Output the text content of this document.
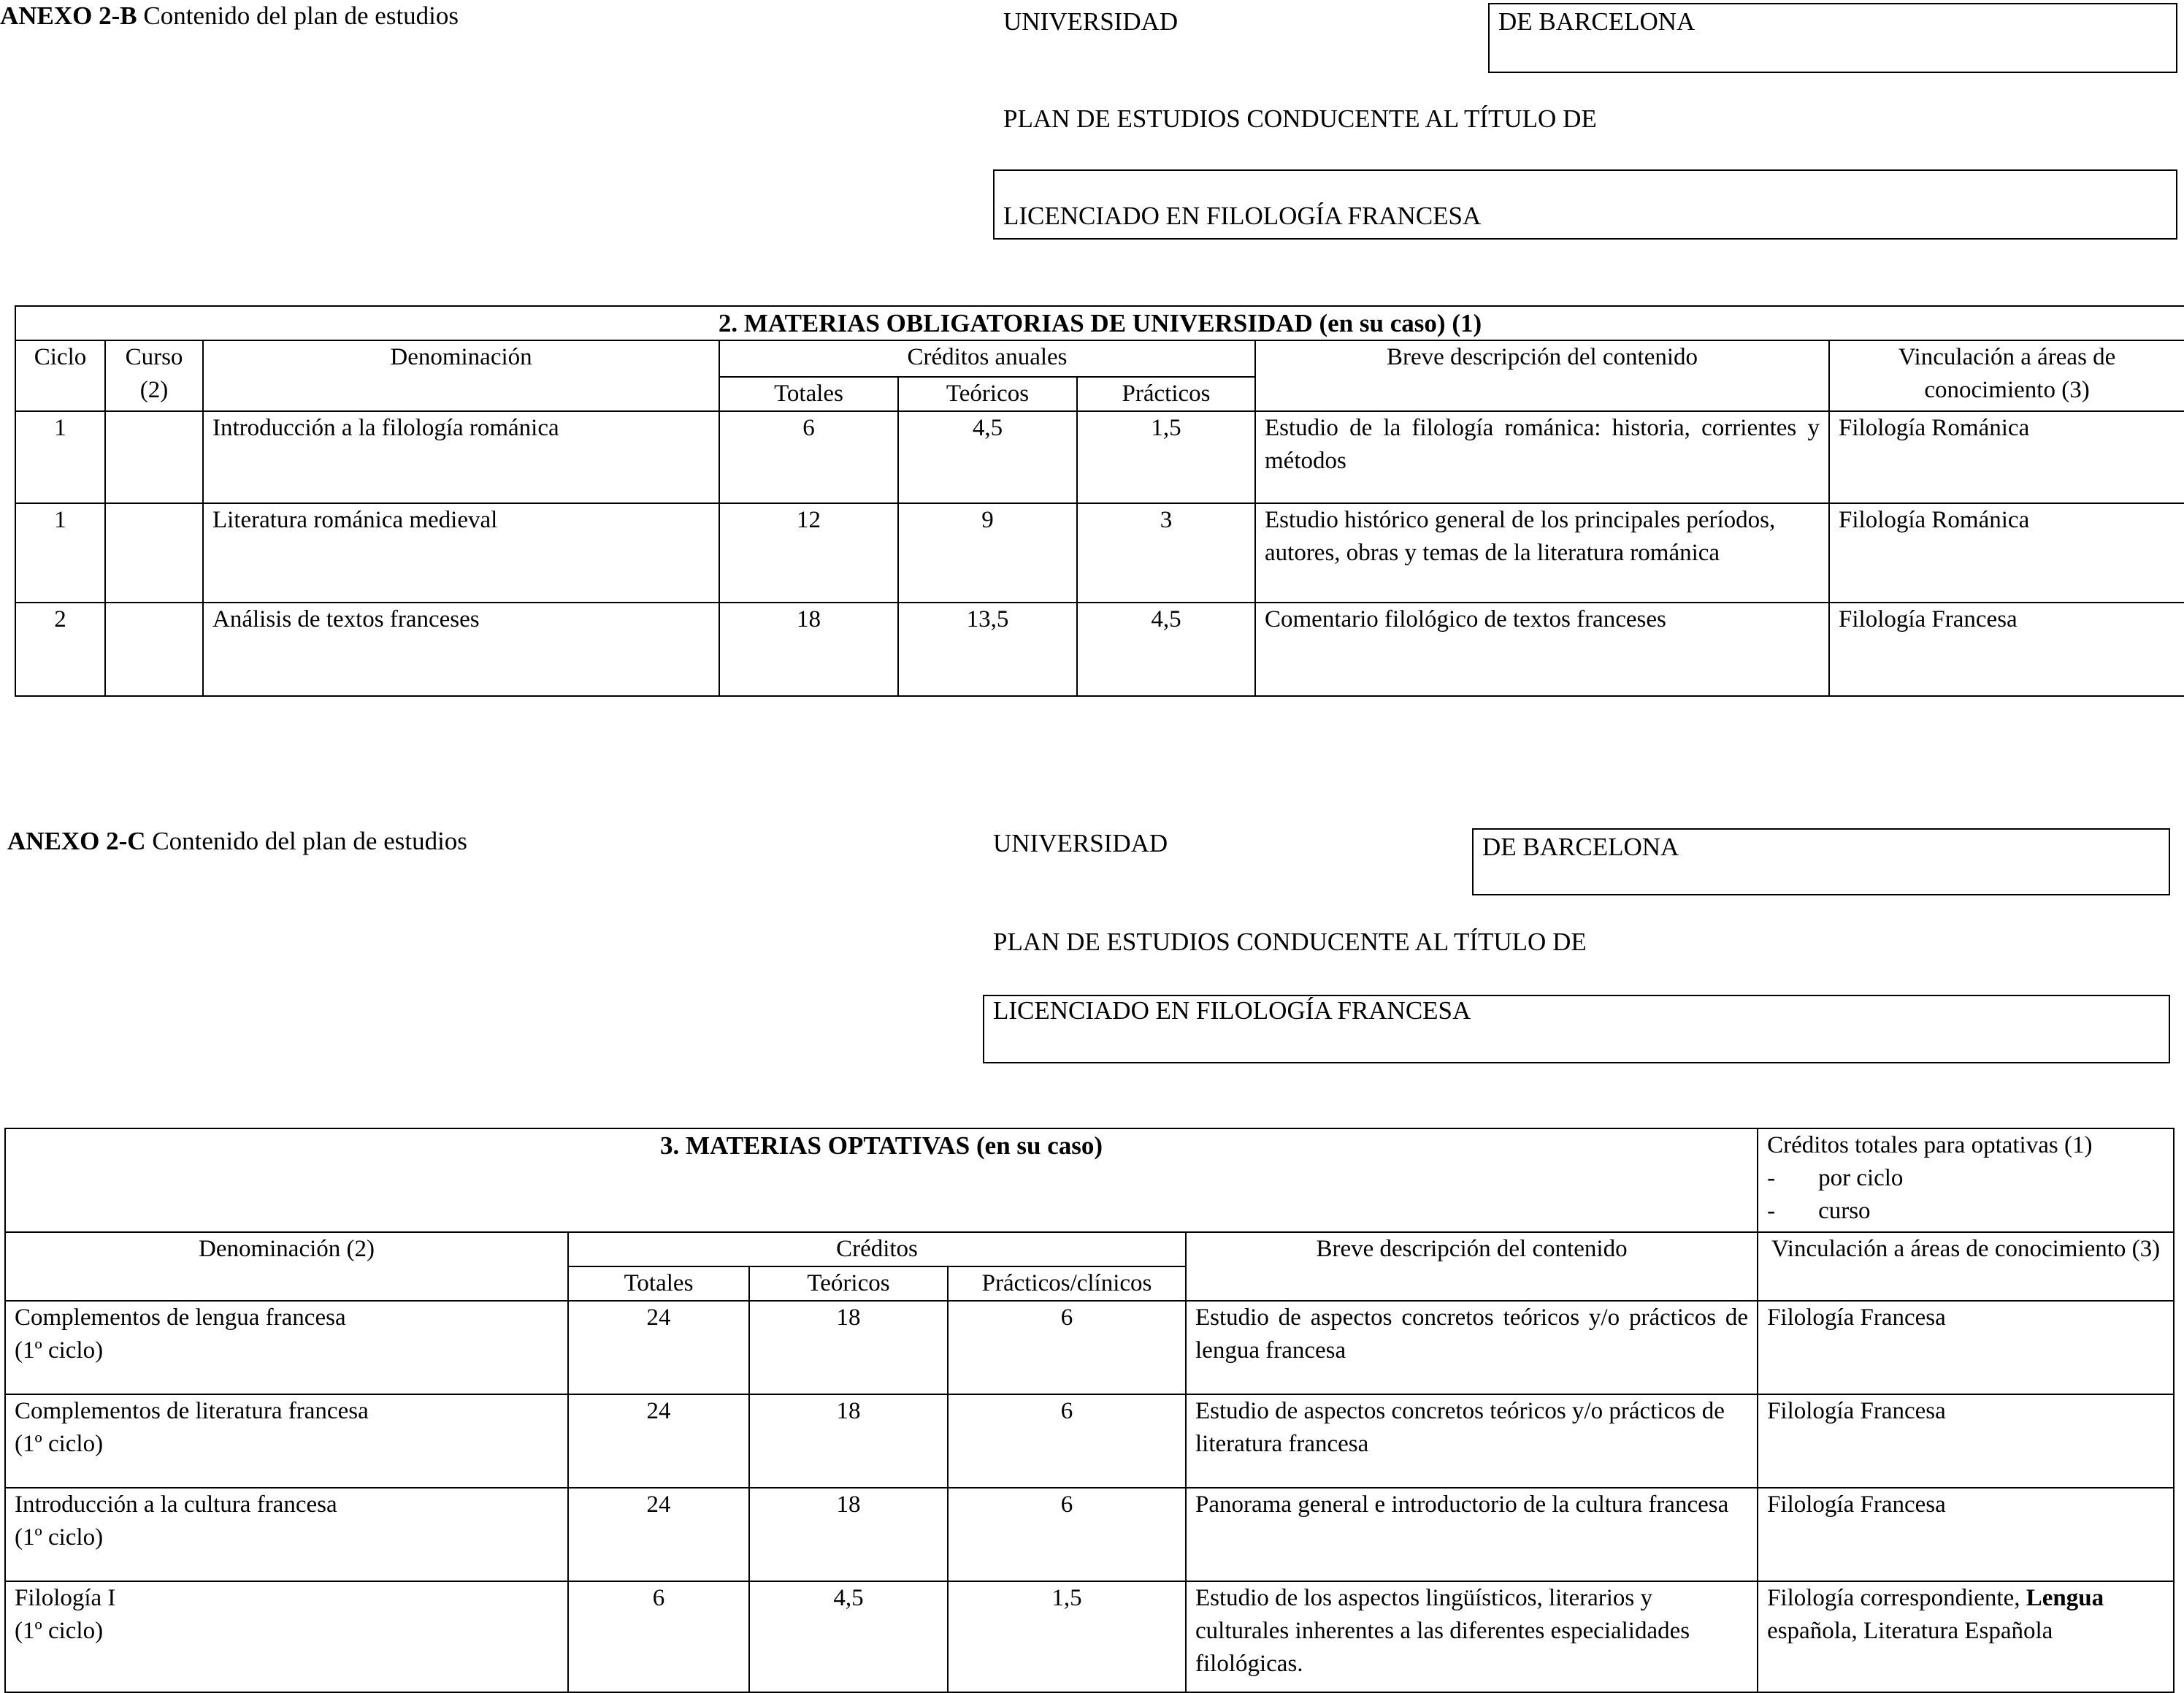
ANEXO 2-B Contenido del plan de estudios	UNIVERSIDAD	DE BARCELONA
PLAN DE ESTUDIOS CONDUCENTE AL TÍTULO DE
LICENCIADO EN FILOLOGÍA FRANCESA
2. MATERIAS OBLIGATORIAS DE UNIVERSIDAD (en su caso) (1)							
Ciclo	Curso (2)	Denominación	Créditos anuales			Breve descripción del contenido	Vinculación a áreas de conocimiento (3)
			Totales	Teóricos	Prácticos		
1		Introducción a la filología románica	6	4,5	1,5	Estudio de la filología románica: historia, corrientes y métodos	Filología Románica
1		Literatura románica medieval	12	9	3	Estudio histórico general de los principales períodos, autores, obras y temas de la literatura románica	Filología Románica
2		Análisis de textos franceses	18	13,5	4,5	Comentario filológico de textos franceses	Filología Francesa
ANEXO 2-C Contenido del plan de estudios	UNIVERSIDAD	DE BARCELONA
PLAN DE ESTUDIOS CONDUCENTE AL TÍTULO DE
LICENCIADO EN FILOLOGÍA FRANCESA
3. MATERIAS OPTATIVAS (en su caso)					Créditos totales para optativas (1)
- por ciclo
- curso

Denominación (2)	Créditos			Breve descripción del contenido	Vinculación a áreas de conocimiento (3)
	Totales	Teóricos	Prácticos/clínicos		

Complementos de lengua francesa
(1º ciclo)	24	18	6	Estudio de aspectos concretos teóricos y/o prácticos de lengua francesa	Filología Francesa

Complementos de literatura francesa
(1º ciclo)	24	18	6	Estudio de aspectos concretos teóricos y/o prácticos de literatura francesa	Filología Francesa

Introducción a la cultura francesa
(1º ciclo)	24	18	6	Panorama general e introductorio de la cultura francesa	Filología Francesa

Filología I
(1º ciclo)	6	4,5	1,5	Estudio de los aspectos lingüísticos, literarios y culturales inherentes a las diferentes especialidades filológicas.	Filología correspondiente, Lengua española, Literatura Española
